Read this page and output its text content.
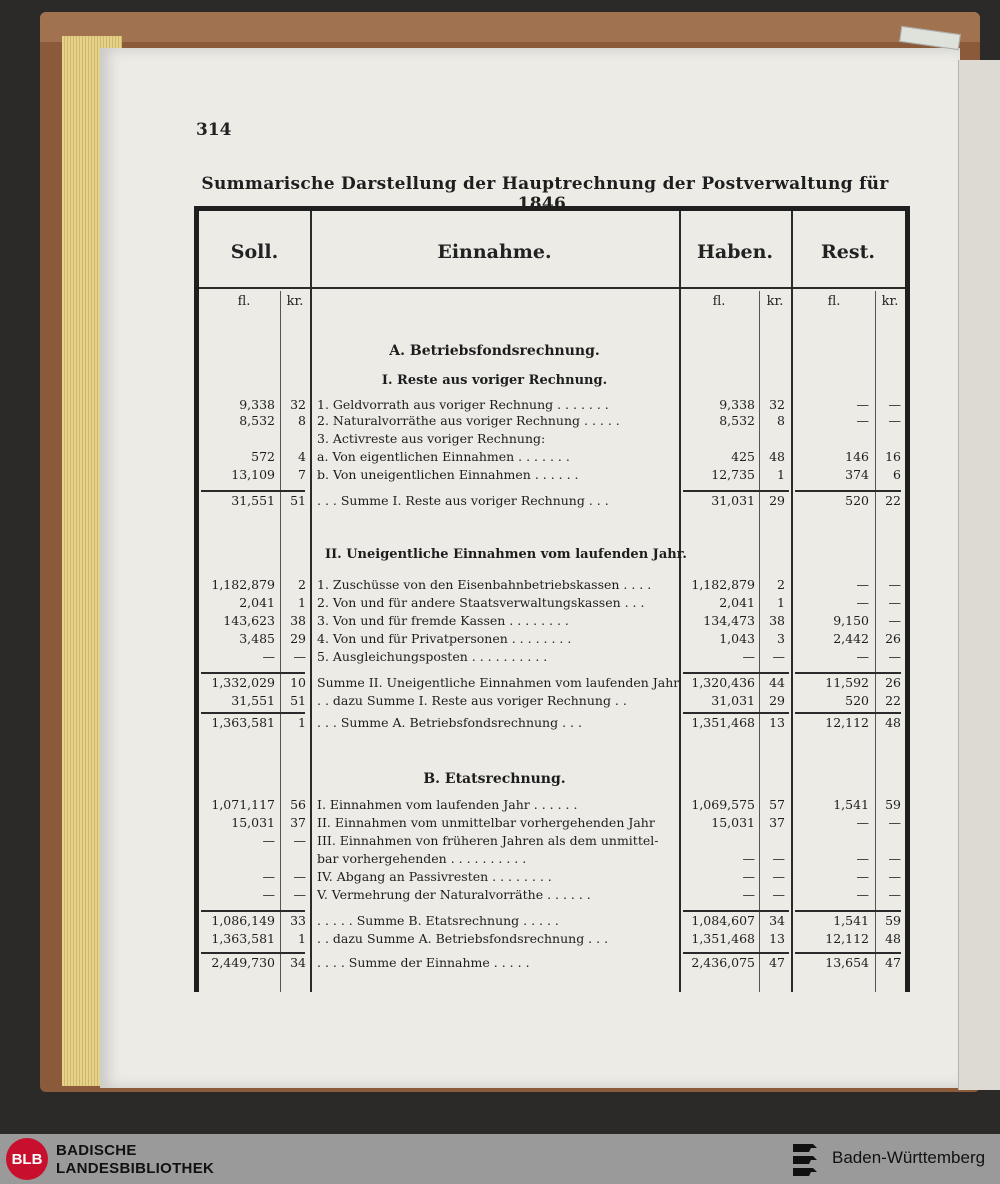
314
Summarische Darstellung der Hauptrechnung der Postverwaltung für 1846.
Soll.	Einnahme.	Haben.	Rest.
fl.	kr.	fl.	kr.	fl.	kr.
A. Betriebsfondsrechnung.
I. Reste aus voriger Rechnung.
II. Uneigentliche Einnahmen vom laufenden Jahr.
B. Etatsrechnung.
9,338	32 1. Geldvorrath aus voriger Rechnung . . . . . . .	9,338	32	—	—
8,532	8 2. Naturalvorräthe aus voriger Rechnung . . . . .	8,532	8	—	—
3. Activreste aus voriger Rechnung:
572	4 a. Von eigentlichen Einnahmen . . . . . . .	425	48	146	16
13,109	7 b. Von uneigentlichen Einnahmen . . . . . .	12,735	1	374	6
31,551	51 . . . Summe I. Reste aus voriger Rechnung . . .	31,031	29	520	22
1,182,879	2 1. Zuschüsse von den Eisenbahnbetriebskassen . . . .	1,182,879	2	—	—
2,041	1 2. Von und für andere Staatsverwaltungskassen . . .	2,041	1	—	—
143,623	38 3. Von und für fremde Kassen . . . . . . . .	134,473	38	9,150	—
3,485	29 4. Von und für Privatpersonen . . . . . . . .	1,043	3	2,442	26
—	— 5. Ausgleichungsposten . . . . . . . . . .	—	—	—	—
1,332,029	10 Summe II. Uneigentliche Einnahmen vom laufenden Jahr 1,320,436	44	11,592	26
31,551	51 . . dazu Summe I. Reste aus voriger Rechnung . .	31,031	29	520	22
1,363,581	1 . . . Summe A. Betriebsfondsrechnung . . .	1,351,468	13	12,112	48
1,071,117	56 I. Einnahmen vom laufenden Jahr . . . . . .	1,069,575	57	1,541	59
15,031	37 II. Einnahmen vom unmittelbar vorhergehenden Jahr	15,031	37	—	—
—	— III. Einnahmen von früheren Jahren als dem unmittel-
bar vorhergehenden . . . . . . . . . .	—	—	—	—
—	— IV. Abgang an Passivresten . . . . . . . .	—	—	—	—
—	— V. Vermehrung der Naturalvorräthe . . . . . .	—	—	—	—
1,086,149	33 . . . . . Summe B. Etatsrechnung . . . . .	1,084,607	34	1,541	59
1,363,581	1 . . dazu Summe A. Betriebsfondsrechnung . . .	1,351,468	13	12,112	48
2,449,730	34 . . . . Summe der Einnahme . . . . .	2,436,075	47	13,654	47
BLB BADISCHE
LANDESBIBLIOTHEK
Baden-Württemberg
